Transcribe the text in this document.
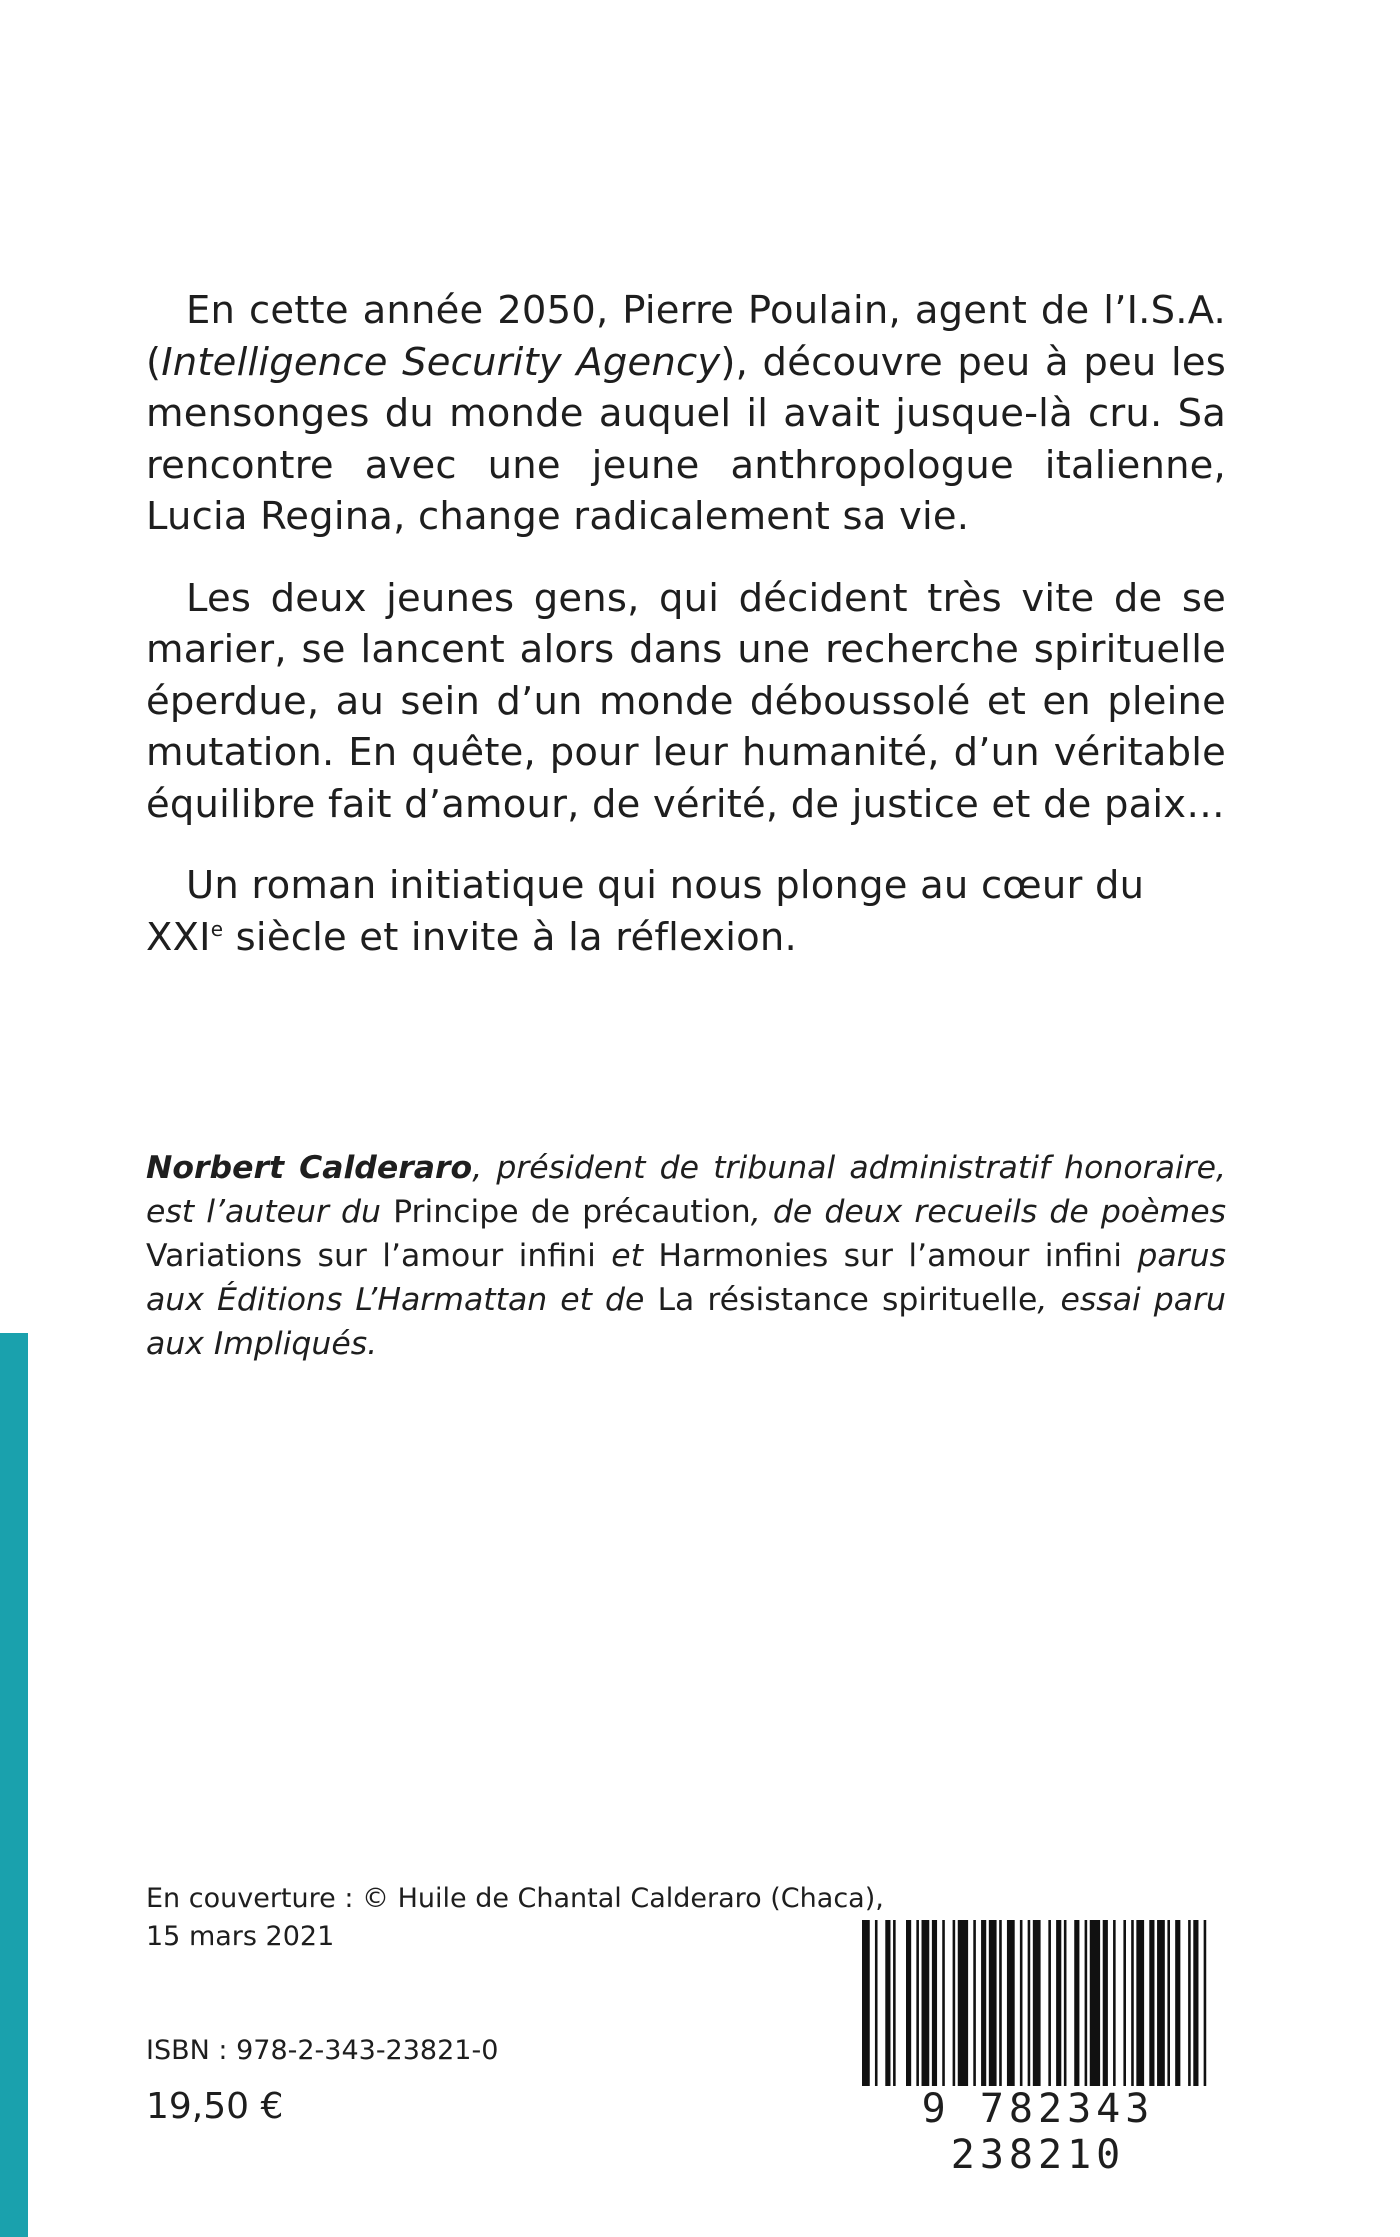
En cette année 2050, Pierre Poulain, agent de l’I.S.A. (Intelligence Security Agency), découvre peu à peu les mensonges du monde auquel il avait jusque-là cru. Sa rencontre avec une jeune anthropologue italienne, Lucia Regina, change radicalement sa vie.

Les deux jeunes gens, qui décident très vite de se marier, se lancent alors dans une recherche spirituelle éperdue, au sein d’un monde déboussolé et en pleine mutation. En quête, pour leur humanité, d’un véritable équilibre fait d’amour, de vérité, de justice et de paix…

Un roman initiatique qui nous plonge au cœur du XXIe siècle et invite à la réflexion.

Norbert Calderaro, président de tribunal administratif honoraire, est l’auteur du Principe de précaution, de deux recueils de poèmes Variations sur l’amour infini et Harmonies sur l’amour infini parus aux Éditions L’Harmattan et de La résistance spirituelle, essai paru aux Impliqués.

En couverture : © Huile de Chantal Calderaro (Chaca),
15 mars 2021
ISBN : 978-2-343-23821-0
19,50 €	9 782343 238210
